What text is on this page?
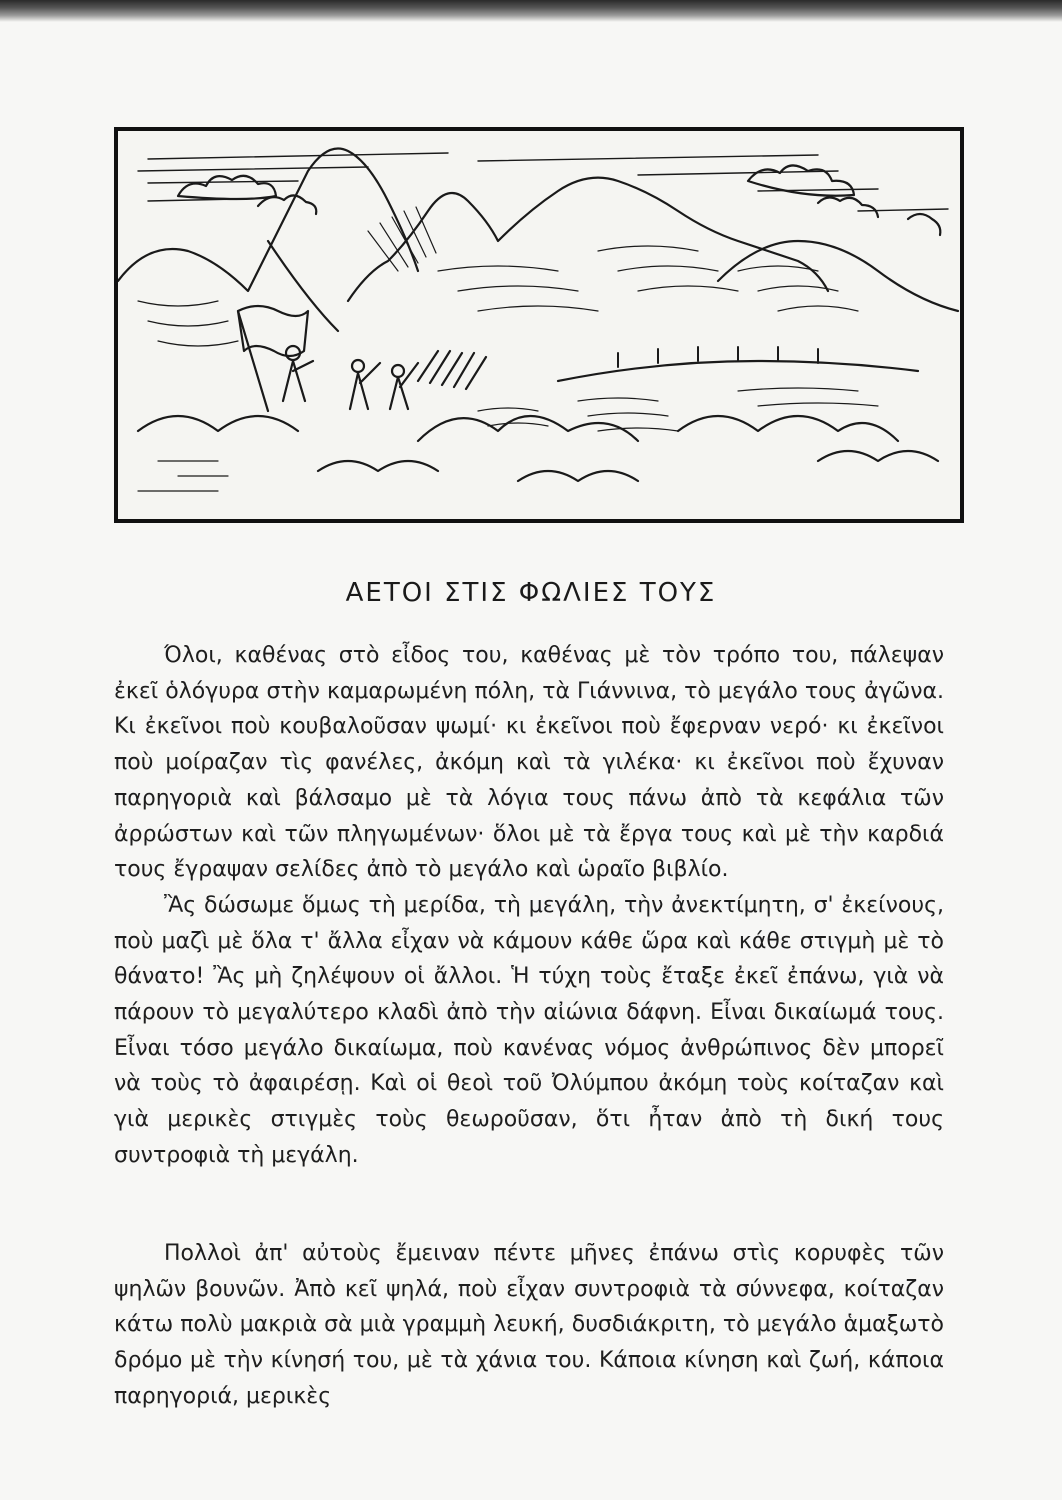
ΑΕΤΟΙ ΣΤΙΣ ΦΩΛΙΕΣ ΤΟΥΣ

Όλοι, καθένας στὸ εἶδος του, καθένας μὲ τὸν τρόπο του, πάλεψαν ἐκεῖ ὁλόγυρα στὴν καμαρωμένη πόλη, τὰ Γιάννινα, τὸ μεγάλο τους ἀγῶνα. Κι ἐκεῖνοι ποὺ κουβαλοῦσαν ψωμί· κι ἐκεῖνοι ποὺ ἔφερναν νερό· κι ἐκεῖνοι ποὺ μοίραζαν τὶς φανέλες, ἀκόμη καὶ τὰ γιλέκα· κι ἐκεῖνοι ποὺ ἔχυναν παρηγοριὰ καὶ βάλσαμο μὲ τὰ λόγια τους πάνω ἀπὸ τὰ κεφάλια τῶν ἀρρώστων καὶ τῶν πληγωμένων· ὅλοι μὲ τὰ ἔργα τους καὶ μὲ τὴν καρδιά τους ἔγραψαν σελίδες ἀπὸ τὸ μεγάλο καὶ ὡραῖο βιβλίο.

Ἂς δώσωμε ὅμως τὴ μερίδα, τὴ μεγάλη, τὴν ἀνεκτίμητη, σ' ἐκείνους, ποὺ μαζὶ μὲ ὅλα τ' ἄλλα εἶχαν νὰ κάμουν κάθε ὥρα καὶ κάθε στιγμὴ μὲ τὸ θάνατο! Ἂς μὴ ζηλέψουν οἱ ἄλλοι. Ἡ τύχη τοὺς ἔταξε ἐκεῖ ἐπάνω, γιὰ νὰ πάρουν τὸ μεγαλύτερο κλαδὶ ἀπὸ τὴν αἰώνια δάφνη. Εἶναι δικαίωμά τους. Εἶναι τόσο μεγάλο δικαίωμα, ποὺ κανένας νόμος ἀνθρώπινος δὲν μπορεῖ νὰ τοὺς τὸ ἀφαιρέσῃ. Καὶ οἱ θεοὶ τοῦ Ὀλύμπου ἀκόμη τοὺς κοίταζαν καὶ γιὰ μερικὲς στιγμὲς τοὺς θεωροῦσαν, ὅτι ἦταν ἀπὸ τὴ δική τους συντροφιὰ τὴ μεγάλη.

Πολλοὶ ἀπ' αὐτοὺς ἔμειναν πέντε μῆνες ἐπάνω στὶς κορυφὲς τῶν ψηλῶν βουνῶν. Ἀπὸ κεῖ ψηλά, ποὺ εἶχαν συντροφιὰ τὰ σύννεφα, κοίταζαν κάτω πολὺ μακριὰ σὰ μιὰ γραμμὴ λευκή, δυσδιάκριτη, τὸ μεγάλο ἁμαξωτὸ δρόμο μὲ τὴν κίνησή του, μὲ τὰ χάνια του. Κάποια κίνηση καὶ ζωή, κάποια παρηγοριά, μερικὲς
